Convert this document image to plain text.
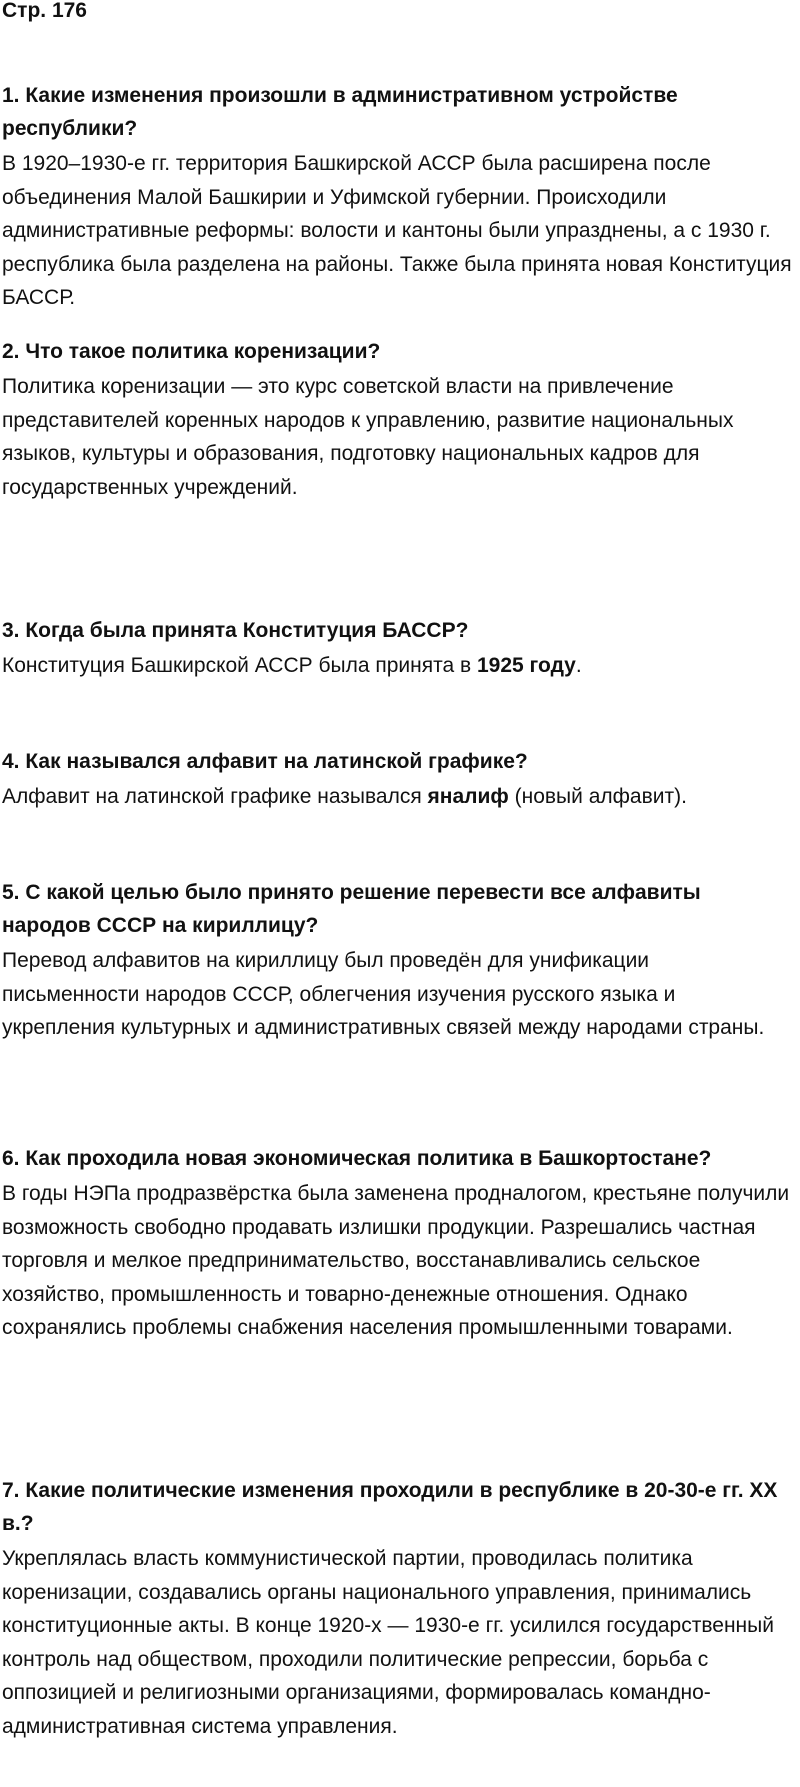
Стр. 176

1. Какие изменения произошли в административном устройстве республики?

В 1920–1930-е гг. территория Башкирской АССР была расширена после объединения Малой Башкирии и Уфимской губернии. Происходили административные реформы: волости и кантоны были упразднены, а с 1930 г. республика была разделена на районы. Также была принята новая Конституция БАССР.

2. Что такое политика коренизации?

Политика коренизации — это курс советской власти на привлечение представителей коренных народов к управлению, развитие национальных языков, культуры и образования, подготовку национальных кадров для государственных учреждений.

3. Когда была принята Конституция БАССР?

Конституция Башкирской АССР была принята в 1925 году.

4. Как назывался алфавит на латинской графике?

Алфавит на латинской графике назывался яналиф (новый алфавит).

5. С какой целью было принято решение перевести все алфавиты народов СССР на кириллицу?

Перевод алфавитов на кириллицу был проведён для унификации письменности народов СССР, облегчения изучения русского языка и укрепления культурных и административных связей между народами страны.

6. Как проходила новая экономическая политика в Башкортостане?

В годы НЭПа продразвёрстка была заменена продналогом, крестьяне получили возможность свободно продавать излишки продукции. Разрешались частная торговля и мелкое предпринимательство, восстанавливались сельское хозяйство, промышленность и товарно-денежные отношения. Однако сохранялись проблемы снабжения населения промышленными товарами.

7. Какие политические изменения проходили в республике в 20-30-е гг. XX в.?

Укреплялась власть коммунистической партии, проводилась политика коренизации, создавались органы национального управления, принимались конституционные акты. В конце 1920-х — 1930-е гг. усилился государственный контроль над обществом, проходили политические репрессии, борьба с оппозицией и религиозными организациями, формировалась командно-административная система управления.
